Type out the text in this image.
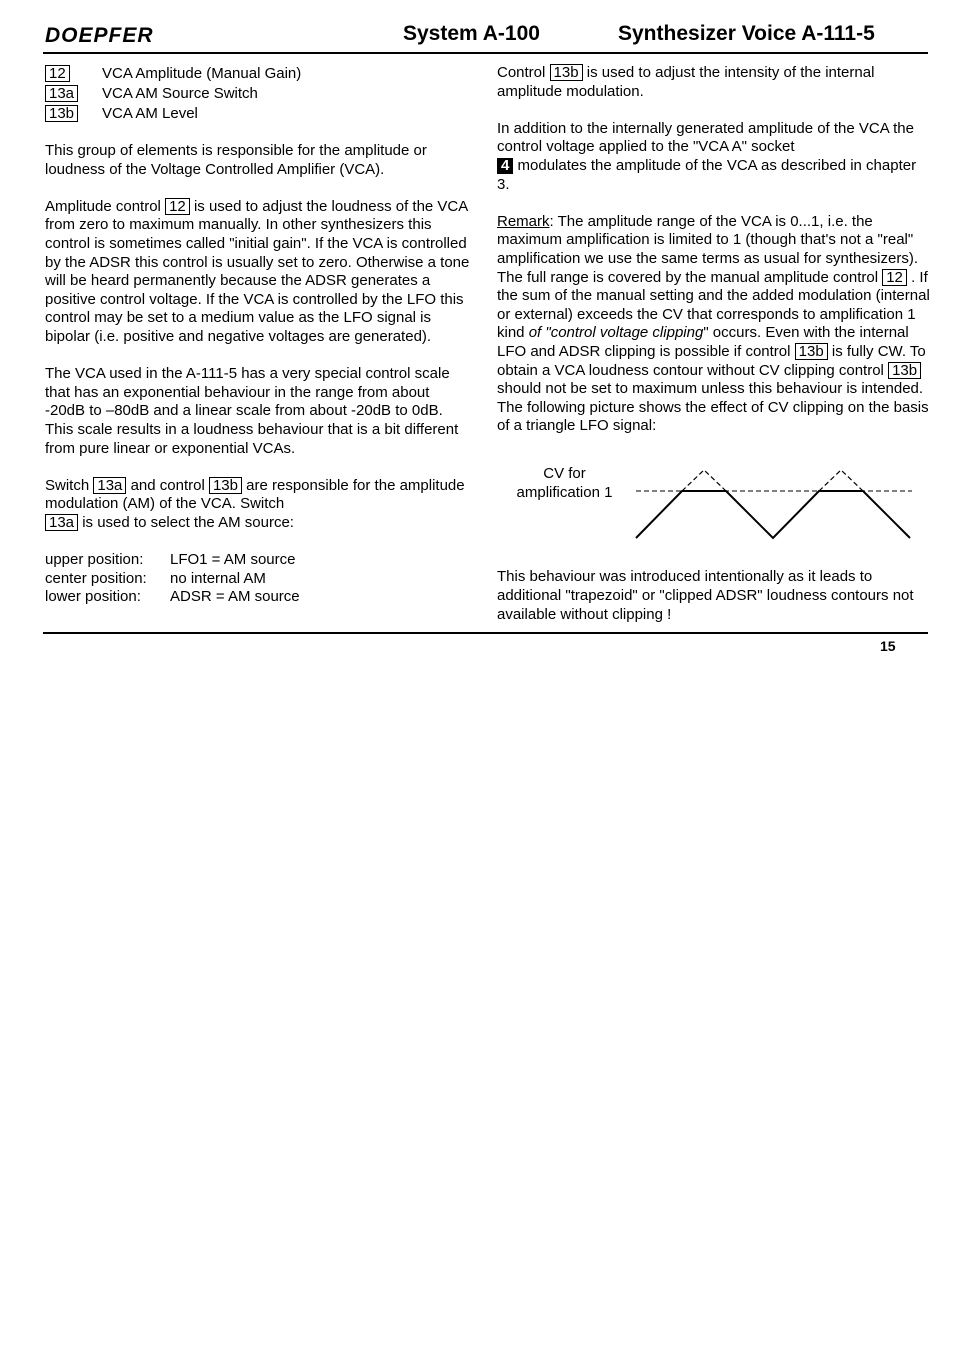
DOEPFER	System A-100	Synthesizer Voice A-111-5
12	VCA Amplitude (Manual Gain)
13a	VCA AM Source Switch
13b	VCA AM Level

This group of elements is responsible for the amplitude or loudness of the Voltage Controlled Amplifier (VCA).

Amplitude control 12 is used to adjust the loudness of the VCA from zero to maximum manually. In other synthesizers this control is sometimes called "initial gain". If the VCA is controlled by the ADSR this control is usually set to zero. Otherwise a tone will be heard permanently because the ADSR generates a positive control voltage. If the VCA is controlled by the LFO this control may be set to a medium value as the LFO signal is bipolar (i.e. positive and negative voltages are generated).

The VCA used in the A-111-5 has a very special control scale that has an exponential behaviour in the range from about -20dB to –80dB and a linear scale from about -20dB to 0dB. This scale results in a loudness behaviour that is a bit different from pure linear or exponential VCAs.

Switch 13a and control 13b are responsible for the amplitude modulation (AM) of the VCA. Switch
13a is used to select the AM source:

upper position:	LFO1 = AM source
center position:	no internal AM
lower position:	ADSR = AM source

Control 13b is used to adjust the intensity of the internal amplitude modulation.

In addition to the internally generated amplitude of the VCA the control voltage applied to the "VCA A" socket
4 modulates the amplitude of the VCA as described in chapter 3.

Remark: The amplitude range of the VCA is 0...1, i.e. the maximum amplification is limited to 1 (though that's not a "real" amplification we use the same terms as usual for synthesizers). The full range is covered by the manual amplitude control 12 . If the sum of the manual setting and the added modulation (internal or external) exceeds the CV that corresponds to amplification 1 kind of "control voltage clipping" occurs. Even with the internal LFO and ADSR clipping is possible if control 13b is fully CW. To obtain a VCA loudness contour without CV clipping control 13b should not be set to maximum unless this behaviour is intended. The following picture shows the effect of CV clipping on the basis of a triangle LFO signal:

CV for
amplification 1

This behaviour was introduced intentionally as it leads to additional "trapezoid" or "clipped ADSR" loudness contours not available without clipping !

15
